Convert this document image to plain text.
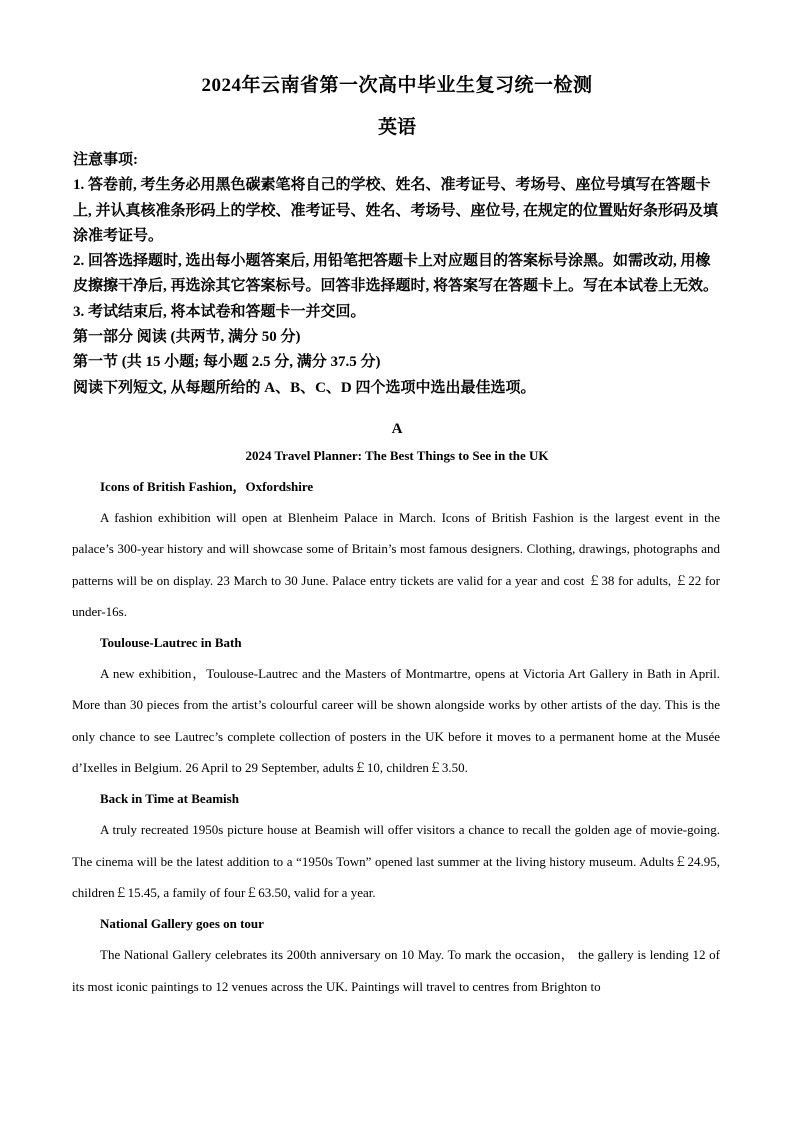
2024年云南省第一次高中毕业生复习统一检测
英语

注意事项:

1. 答卷前, 考生务必用黑色碳素笔将自己的学校、姓名、准考证号、考场号、座位号填写在答题卡上, 并认真核准条形码上的学校、准考证号、姓名、考场号、座位号, 在规定的位置贴好条形码及填涂准考证号。

2. 回答选择题时, 选出每小题答案后, 用铅笔把答题卡上对应题目的答案标号涂黑。如需改动, 用橡皮擦擦干净后, 再选涂其它答案标号。回答非选择题时, 将答案写在答题卡上。写在本试卷上无效。

3. 考试结束后, 将本试卷和答题卡一并交回。

第一部分 阅读 (共两节, 满分 50 分)

第一节 (共 15 小题; 每小题 2.5 分, 满分 37.5 分)

阅读下列短文, 从每题所给的 A、B、C、D 四个选项中选出最佳选项。

A
2024 Travel Planner: The Best Things to See in the UK
Icons of British Fashion，Oxfordshire

A fashion exhibition will open at Blenheim Palace in March. Icons of British Fashion is the largest event in the palace’s 300-year history and will showcase some of Britain’s most famous designers. Clothing, drawings, photographs and patterns will be on display. 23 March to 30 June. Palace entry tickets are valid for a year and cost ￡38 for adults, ￡22 for under-16s.

Toulouse-Lautrec in Bath

A new exhibition，Toulouse-Lautrec and the Masters of Montmartre, opens at Victoria Art Gallery in Bath in April. More than 30 pieces from the artist’s colourful career will be shown alongside works by other artists of the day. This is the only chance to see Lautrec’s complete collection of posters in the UK before it moves to a permanent home at the Musée d’Ixelles in Belgium. 26 April to 29 September, adults￡10, children￡3.50.

Back in Time at Beamish

A truly recreated 1950s picture house at Beamish will offer visitors a chance to recall the golden age of movie-going. The cinema will be the latest addition to a “1950s Town” opened last summer at the living history museum. Adults￡24.95, children￡15.45, a family of four￡63.50, valid for a year.

National Gallery goes on tour

The National Gallery celebrates its 200th anniversary on 10 May. To mark the occasion， the gallery is lending 12 of its most iconic paintings to 12 venues across the UK. Paintings will travel to centres from Brighton to
